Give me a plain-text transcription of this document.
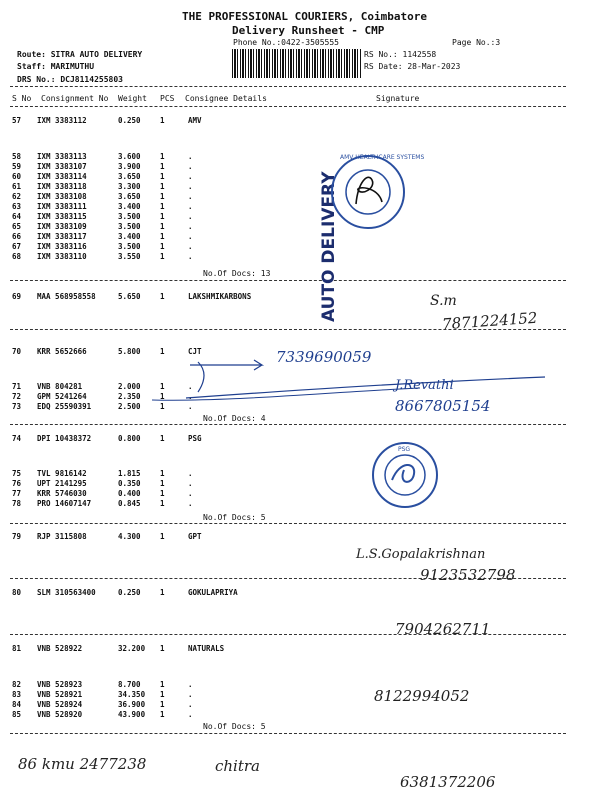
THE PROFESSIONAL COURIERS, Coimbatore
Delivery Runsheet - CMP
Phone No.:0422-3505555	Page No.:3
Route: SITRA AUTO DELIVERY
Staff: MARIMUTHU
DRS No.: DCJ8114255803
RS No.: 1142558
RS Date: 28-Mar-2023
S No Consignment No Weight PCS Consignee Details	Signature
57 IXM 3383112	0.250	1	AMV
58 IXM 3383113	3.600	1	.
59 IXM 3383107	3.900	1	.
60 IXM 3383114	3.650	1	.
61 IXM 3383118	3.300	1	.
62 IXM 3383108	3.650	1	.
63 IXM 3383111	3.400	1	.
64 IXM 3383115	3.500	1	.
65 IXM 3383109	3.500	1	.
66 IXM 3383117	3.400	1	.
67 IXM 3383116	3.500	1	.
68 IXM 3383110	3.550	1	.
69 MAA 568958558	5.650	1	LAKSHMIKARBONS
70 KRR 5652666	5.800	1	CJT
71 VNB 804281	2.000	1	.
72 GPM 5241264	2.350	1	.
73 EDQ 25590391	2.500	1	.
74 DPI 10438372	0.800	1	PSG
75 TVL 9816142	1.815	1	.
76 UPT 2141295	0.350	1	.
77 KRR 5746030	0.400	1	.
78 PRO 14607147	0.845	1	.
79 RJP 3115808	4.300	1	GPT
80 SLM 310563400	0.250	1	GOKULAPRIYA
81 VNB 528922	32.200 1	NATURALS
82 VNB 528923	8.700	1	.
83 VNB 528921	34.350 1	.
84 VNB 528924	36.900 1	.
85 VNB 528920	43.900 1	.
No.Of Docs: 13
No.Of Docs: 4
No.Of Docs: 5
No.Of Docs: 5
AUTO DELIVERY
AMV HEALTHCARE SYSTEMS
PSG
S.m
7871224152
7339690059
J.Revathi
8667805154
L.S.Gopalakrishnan
9123532798
7904262711
8122994052
86 kmu 2477238	chitra
6381372206
